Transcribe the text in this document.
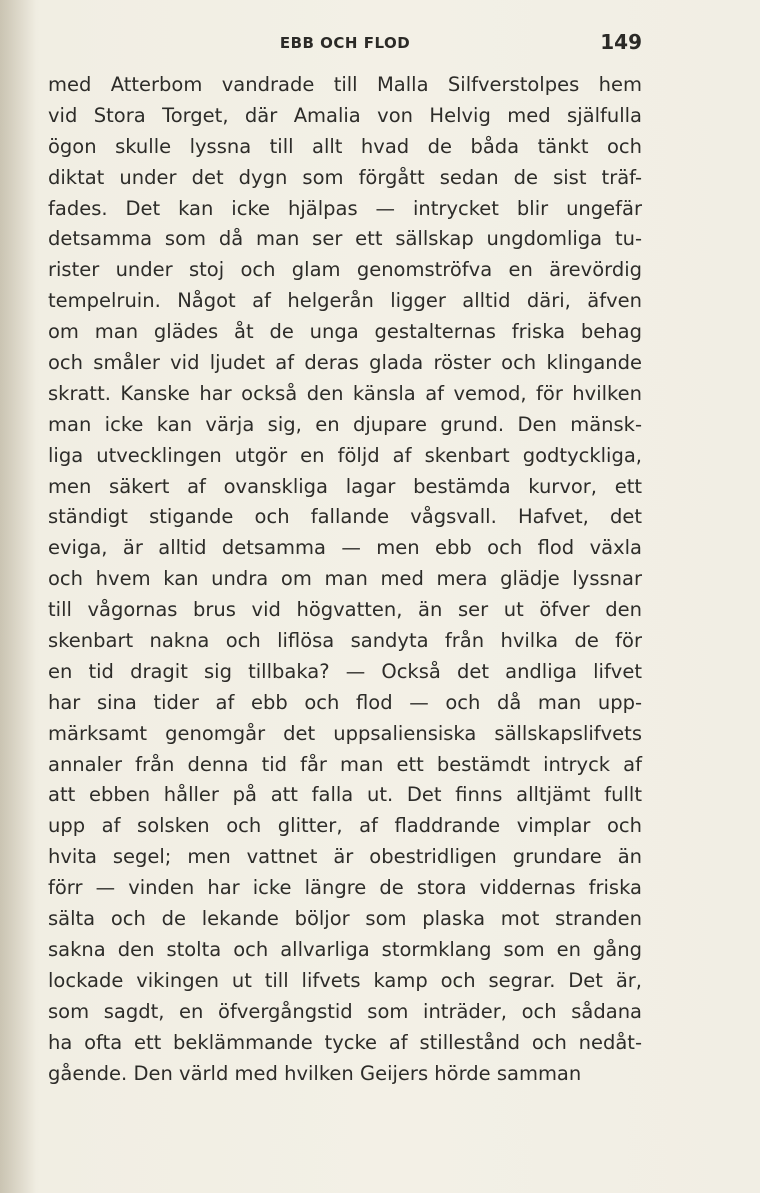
EBB OCH FLOD	149
med Atterbom vandrade till Malla Silfverstolpes hem
vid Stora Torget, där Amalia von Helvig med själfulla
ögon skulle lyssna till allt hvad de båda tänkt och
diktat under det dygn som förgått sedan de sist träf-
fades. Det kan icke hjälpas — intrycket blir ungefär
detsamma som då man ser ett sällskap ungdomliga tu-
rister under stoj och glam genomströfva en ärevördig
tempelruin. Något af helgerån ligger alltid däri, äfven
om man glädes åt de unga gestalternas friska behag
och småler vid ljudet af deras glada röster och klingande
skratt. Kanske har också den känsla af vemod, för hvilken
man icke kan värja sig, en djupare grund. Den mänsk-
liga utvecklingen utgör en följd af skenbart godtyckliga,
men säkert af ovanskliga lagar bestämda kurvor, ett
ständigt stigande och fallande vågsvall. Hafvet, det
eviga, är alltid detsamma — men ebb och flod växla
och hvem kan undra om man med mera glädje lyssnar
till vågornas brus vid högvatten, än ser ut öfver den
skenbart nakna och liflösa sandyta från hvilka de för
en tid dragit sig tillbaka? — Också det andliga lifvet
har sina tider af ebb och flod — och då man upp-
märksamt genomgår det uppsaliensiska sällskapslifvets
annaler från denna tid får man ett bestämdt intryck af
att ebben håller på att falla ut. Det finns alltjämt fullt
upp af solsken och glitter, af fladdrande vimplar och
hvita segel; men vattnet är obestridligen grundare än
förr — vinden har icke längre de stora viddernas friska
sälta och de lekande böljor som plaska mot stranden
sakna den stolta och allvarliga stormklang som en gång
lockade vikingen ut till lifvets kamp och segrar. Det är,
som sagdt, en öfvergångstid som inträder, och sådana
ha ofta ett beklämmande tycke af stillestånd och nedåt-
gående. Den värld med hvilken Geijers hörde samman
